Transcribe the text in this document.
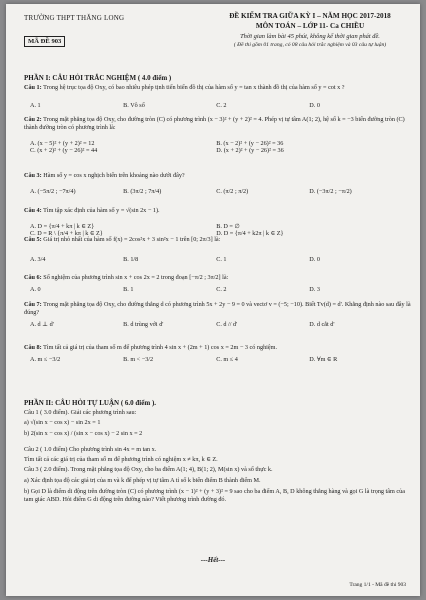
TRƯỜNG THPT THĂNG LONG	ĐỀ KIỂM TRA GIỮA KỲ I – NĂM HỌC 2017-2018
MÔN TOÁN – LỚP 11- Ca CHIỀU
Thời gian làm bài 45 phút, không kể thời gian phát đề.
( Đề thi gồm 01 trang, có 08 câu hỏi trắc nghiệm và 03 câu tự luận)
MÃ ĐỀ 903
PHẦN I: CÂU HỎI TRẮC NGHIỆM ( 4.0 điểm )
Câu 1: Trong hệ trục tọa độ Oxy, có bao nhiêu phép tịnh tiến biến đồ thị của hàm số y = tan x thành đồ thị của hàm số y = cot x ?
A. 1	B. Vô số	C. 2	D. 0
Câu 2: Trong mặt phẳng tọa độ Oxy, cho đường tròn (C) có phương trình (x − 3)² + (y + 2)² = 4. Phép vị tự tâm A(1; 2), hệ số k = −3 biến đường tròn (C) thành đường tròn có phương trình là:
A. (x − 5)² + (y + 2)² = 12	B. (x − 2)² + (y − 26)² = 36
C. (x + 2)² + (y − 26)² = 44	D. (x + 2)² + (y − 26)² = 36
Câu 3: Hàm số y = cos x nghịch biến trên khoảng nào dưới đây?
A. (−5π/2 ; −7π/4)	B. (3π/2 ; 7π/4)	C. (π/2 ; π/2)	D. (−3π/2 ; −π/2)
Câu 4: Tìm tập xác định của hàm số y = √(sin 2x − 1).
A. D = {π/4 + kπ | k ∈ Z}	B. D = ∅
C. D = R \ {π/4 + kπ | k ∈ Z}	D. D = {π/4 + k2π | k ∈ Z}
Câu 5: Giá trị nhỏ nhất của hàm số f(x) = 2cos²x + 3 sin²x − 1 trên [0; 2π/3] là:
A. 3/4	B. 1/8	C. 1	D. 0
Câu 6: Số nghiệm của phương trình sin x + cos 2x = 2 trong đoạn [−π/2 ; 3π/2] là:
A. 0	B. 1	C. 2	D. 3
Câu 7: Trong mặt phẳng tọa độ Oxy, cho đường thẳng d có phương trình 5x + 2y − 9 = 0 và vectơ v = (−5; −10). Biết Tv(d) = d'. Khẳng định nào sau đây là đúng?
A. d ⊥ d'	B. d trùng với d'	C. d // d'	D. d cắt d'
Câu 8: Tìm tất cả giá trị của tham số m để phương trình 4 sin x + (2m + 1) cos x = 2m − 3 có nghiệm.
A. m ≤ −3/2	B. m < −3/2	C. m ≤ 4	D. ∀m ∈ R
PHẦN II: CÂU HỎI TỰ LUẬN ( 6.0 điểm ).
Câu 1 ( 3.0 điểm). Giải các phương trình sau:
a) √(sin x − cos x) − sin 2x = 1
b) 2(sin x − cos x) / (sin x − cos x) − 2 sin x = 2
Câu 2 ( 1.0 điểm) Cho phương trình sin 4x = m tan x.
Tìm tất cả các giá trị của tham số m để phương trình có nghiệm x ≠ kπ, k ∈ Z.
Câu 3 ( 2.0 điểm). Trong mặt phẳng tọa độ Oxy, cho ba điểm A(1; 4), B(1; 2), M(sin x) và số thực k.
a) Xác định tọa độ các giá trị của m và k để phép vị tự tâm A tỉ số k biến điểm B thành điểm M.
b) Gọi D là điểm di động trên đường tròn (C) có phương trình (x − 1)² + (y + 3)² = 9 sao cho ba điểm A, B, D không thẳng hàng và gọi G là trọng tâm của tam giác ABD. Hỏi điểm G di động trên đường nào? Viết phương trình đường đó.
---Hết---
Trang 1/1 - Mã đề thi 903
